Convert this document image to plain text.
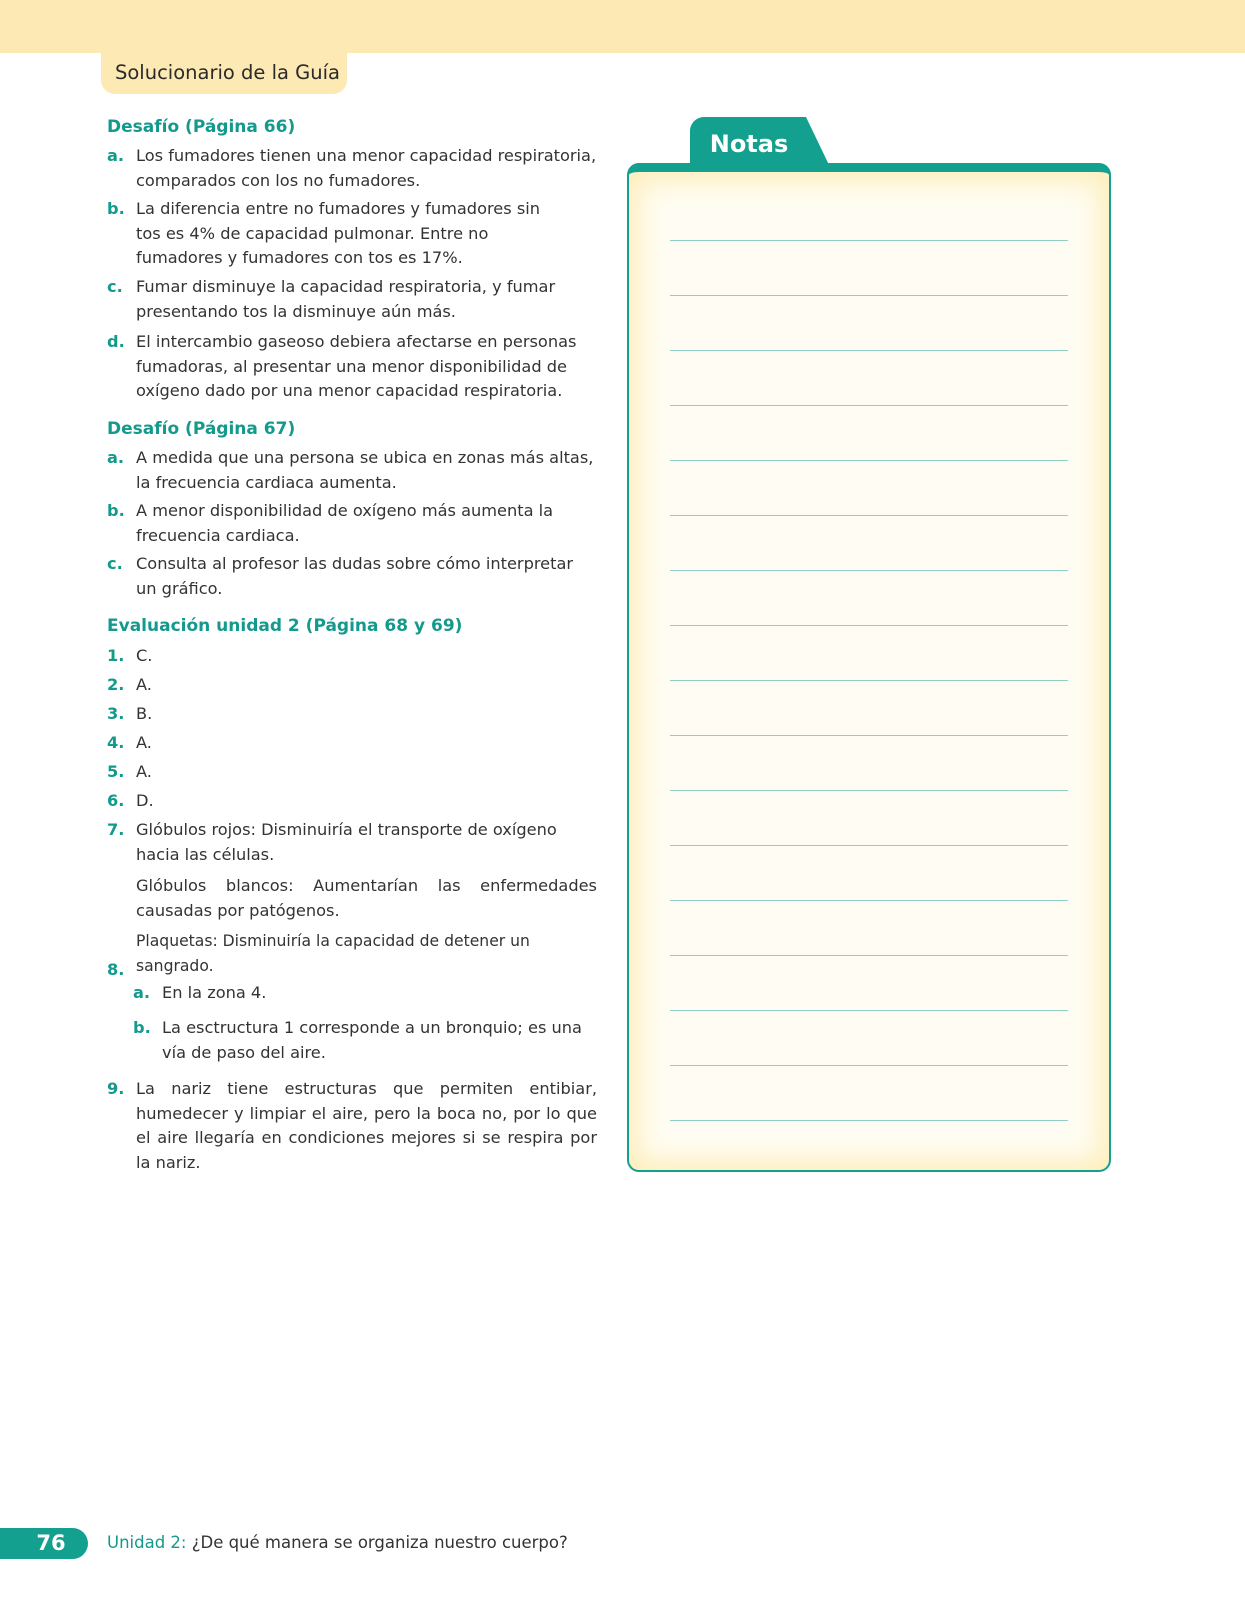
Solucionario de la Guía
Desafío (Página 66)
a. Los fumadores tienen una menor capacidad respiratoria, comparados con los no fumadores.
b. La diferencia entre no fumadores y fumadores sin tos es 4% de capacidad pulmonar. Entre no fumadores y fumadores con tos es 17%.
c. Fumar disminuye la capacidad respiratoria, y fumar presentando tos la disminuye aún más.
d. El intercambio gaseoso debiera afectarse en personas fumadoras, al presentar una menor disponibilidad de oxígeno dado por una menor capacidad respiratoria.
Desafío (Página 67)
a. A medida que una persona se ubica en zonas más altas, la frecuencia cardiaca aumenta.
b. A menor disponibilidad de oxígeno más aumenta la frecuencia cardiaca.
c. Consulta al profesor las dudas sobre cómo interpretar un gráfico.
Evaluación unidad 2 (Página 68 y 69)
1. C.
2. A.
3. B.
4. A.
5. A.
6. D.
7. Glóbulos rojos: Disminuiría el transporte de oxígeno hacia las células.
Glóbulos blancos: Aumentarían las enfermedades causadas por patógenos.
Plaquetas: Disminuiría la capacidad de detener un sangrado.
8.
a. En la zona 4.
b. La esctructura 1 corresponde a un bronquio; es una vía de paso del aire.
9. La nariz tiene estructuras que permiten entibiar, humedecer y limpiar el aire, pero la boca no, por lo que el aire llegaría en condiciones mejores si se respira por la nariz.
Notas
76	Unidad 2: ¿De qué manera se organiza nuestro cuerpo?
